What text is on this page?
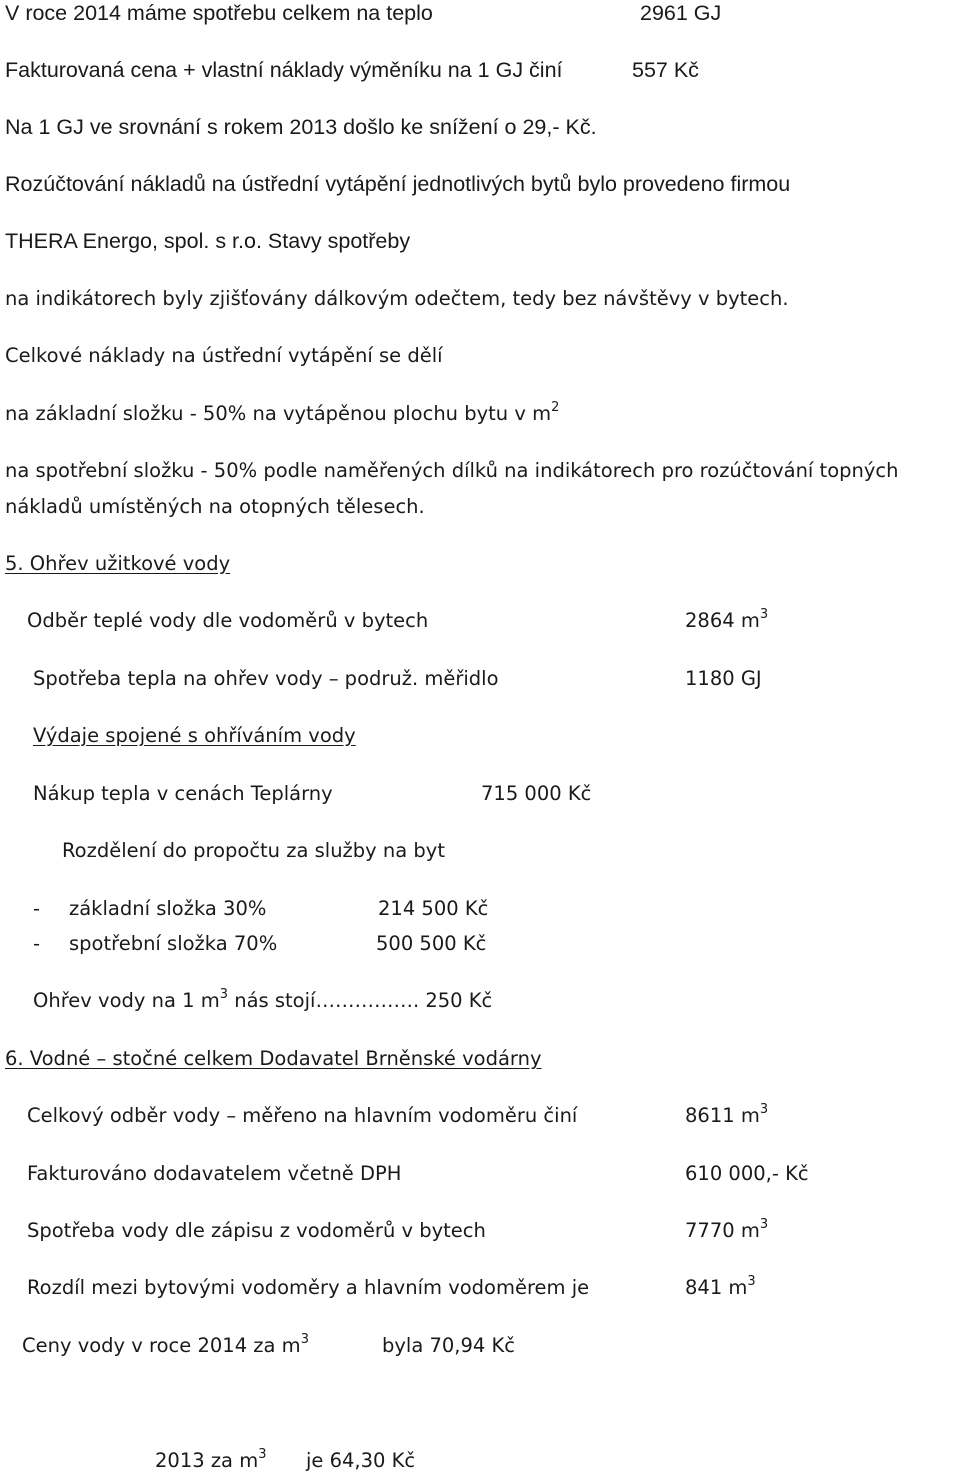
V roce 2014 máme spotřebu celkem na teplo	2961 GJ
Fakturovaná cena + vlastní náklady výměníku na 1 GJ činí	557 Kč
Na 1 GJ ve srovnání s rokem 2013 došlo ke snížení o 29,- Kč.
Rozúčtování nákladů na ústřední vytápění jednotlivých bytů bylo provedeno firmou
THERA Energo, spol. s r.o. Stavy spotřeby
na indikátorech byly zjišťovány dálkovým odečtem, tedy bez návštěvy v bytech.
Celkové náklady na ústřední vytápění se dělí
na základní složku - 50% na vytápěnou plochu bytu v $m^2$
na spotřební složku - 50% podle naměřených dílků na indikátorech pro rozúčtování topných
nákladů umístěných na otopných tělesech.
5. Ohřev užitkové vody
Odběr teplé vody dle vodoměrů v bytech	2864 $m^3$
Spotřeba tepla na ohřev vody – podruž. měřidlo	1180 GJ
Výdaje spojené s ohříváním vody
Nákup tepla v cenách Teplárny	715 000 Kč
Rozdělení do propočtu za služby na byt
- základní složka 30%	214 500 Kč
- spotřební složka 70%	500 500 Kč
Ohřev vody na 1 $m^3$ nás stojí……………. 250 Kč
6. Vodné – stočné celkem Dodavatel Brněnské vodárny
Celkový odběr vody – měřeno na hlavním vodoměru činí	8611 $m^3$
Fakturováno dodavatelem včetně DPH	610 000,- Kč
Spotřeba vody dle zápisu z vodoměrů v bytech	7770 $m^3$
Rozdíl mezi bytovými vodoměry a hlavním vodoměrem je	841 $m^3$
Ceny vody v roce 2014 za $m^3$	byla 70,94 Kč
2013 za $m^3$ je 64,30 Kč
